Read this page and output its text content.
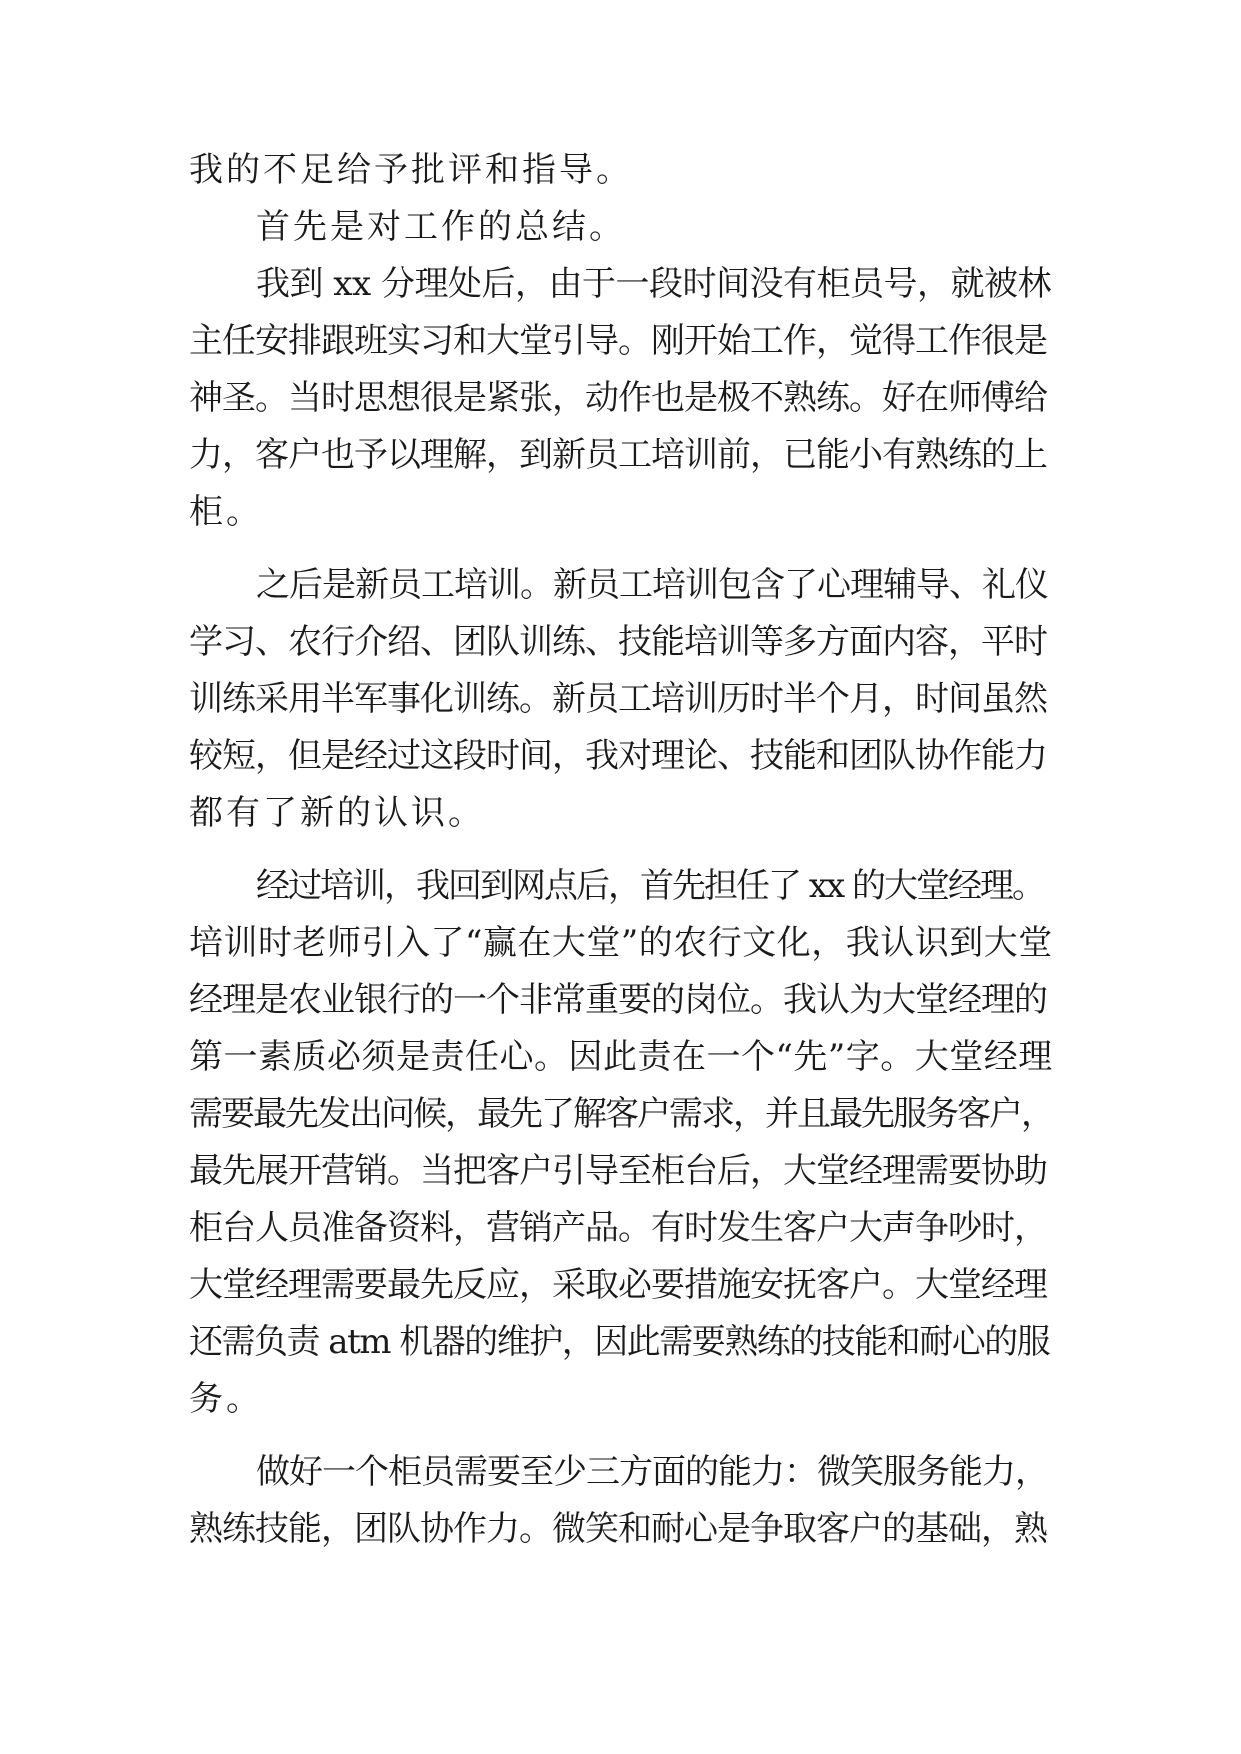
我的不足给予批评和指导。
首先是对工作的总结。
我到 xx 分理处后，由于一段时间没有柜员号，就被林
主任安排跟班实习和大堂引导。刚开始工作，觉得工作很是
神圣。当时思想很是紧张，动作也是极不熟练。好在师傅给
力，客户也予以理解，到新员工培训前，已能小有熟练的上
柜。
之后是新员工培训。新员工培训包含了心理辅导、礼仪
学习、农行介绍、团队训练、技能培训等多方面内容，平时
训练采用半军事化训练。新员工培训历时半个月，时间虽然
较短，但是经过这段时间，我对理论、技能和团队协作能力
都有了新的认识。
经过培训，我回到网点后，首先担任了 xx 的大堂经理。
培训时老师引入了“赢在大堂”的农行文化，我认识到大堂
经理是农业银行的一个非常重要的岗位。我认为大堂经理的
第一素质必须是责任心。因此责在一个“先”字。大堂经理
需要最先发出问候，最先了解客户需求，并且最先服务客户，
最先展开营销。当把客户引导至柜台后，大堂经理需要协助
柜台人员准备资料，营销产品。有时发生客户大声争吵时，
大堂经理需要最先反应，采取必要措施安抚客户。大堂经理
还需负责 atm 机器的维护，因此需要熟练的技能和耐心的服
务。
做好一个柜员需要至少三方面的能力：微笑服务能力，
熟练技能，团队协作力。微笑和耐心是争取客户的基础，熟
